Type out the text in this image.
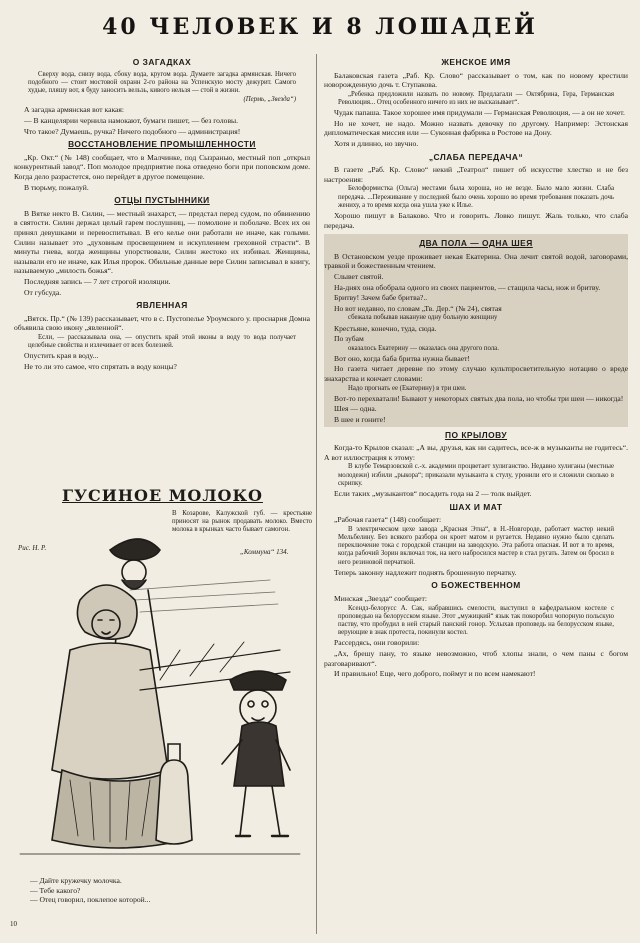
40 ЧЕЛОВЕК И 8 ЛОШАДЕЙ
О ЗАГАДКАХ

Сверху вода, снизу вода, сбоку вода, кругом вода. Думаете загадка армянская. Ничего подобного — стоит мостовой охранн 2-го района на Успенскую мосту дежурит. Самого худые, пляшу вот, я буду заносить вельзь, кивого нельзя — стой в жизни.

(Пермь, „Звезда“)

А загадка армянская вот какая:

— В канцелярии чернила намокают, бумаги пишет, — без головы.

Что такое? Думаешь, ручка? Ничего подобного — администрация!

ВОССТАНОВЛЕНИЕ ПРОМЫШЛЕННОСТИ

„Кр. Окт.“ (№ 148) сообщает, что в Малчинке, под Сызранью, местный поп „открыл конкурентный завод“. Поп молодое предприятие пока отведено боги при поповском доме. Когда дело разрастется, оно перейдет в другое помещение.

В тюрьму, пожалуй.

ОТЦЫ ПУСТЫННИКИ

В Вятке некто В. Силин, — местный знахарст, — предстал перед судом, по обвинению в святости. Силин держал целый гарем послушниц, — помолюне и поболаче. Всех их он принял девушками и перевоспитывал. В его келье они работали не иначе, как голыми. Силин называет это „духовным просвещением и искуплением греховной страсти“. В минуты гнева, когда женщины упорствовали, Силин жестоко их избивал. Женщины, называли его не иначе, как Илья пророк. Обильные данные вере Силин записывал в книгу, называемую „милость божья“.

Последняя запись — 7 лет строгой изоляции.

От губсуда.

ЯВЛЕННАЯ

„Вятск. Пр.“ (№ 139) рассказывает, что в с. Пустопелье Уроумского у. проснарня Домна объявила свою икону „явленной“.

Если, — рассказывала она, — опустить край этой иконы в воду то вода получает целебные свойства и излечивает от всех болезней.

Опустить края в воду...

Не то ли это самое, что спрятать в воду концы?

ГУСИНОЕ МОЛОКО
В Козарове, Калужской губ. — крестьяне приносят на рынок продавать молоко. Вместо молока в крынках часто бывает самогон.
„Коммуна“ 134.
Рис. Н. Р.
— Дайте кружечку молочка.
— Тебе какого?
— Отец говорил, поклепое которой...
10
ЖЕНСКОЕ ИМЯ

Балаковская газета „Раб. Кр. Слово“ рассказывает о том, как по новому крестили новорожденную дочь т. Ступакова.

„Ребенка предложили назвать по новому. Предлагали — Октябрина, Гера, Германская Революция... Отец особенного ничего из них не высказывает“.

Чудак папаша. Такое хорошее имя придумали — Германская Революция, — а он не хочет.

Но не хочет, не надо. Можно назвать девочку по другому. Например: Эстонская дипломатическая миссия или — Суконная фабрика в Ростове на Дону.

Хотя и длинно, но звучно.

„СЛАБА ПЕРЕДАЧА“

В газете „Раб. Кр. Слово“ некий „Театрол“ пишет об искусстве хлестко и не без настроения:

Белоформистка (Ольга) местами была хороша, но не везде. Было мало жизни. Слаба передача. ...Переживание у последней было очень хорошо во время требования показать дочь жениху, а то время когда она ушла уже к Илье.

Хорошо пишут в Балаково. Что и говорить. Ловко пишут. Жаль только, что слаба передача.

ДВА ПОЛА — ОДНА ШЕЯ

В Остановском уезде проживает некая Екатерина. Она лечит святой водой, заговорами, травкой и божественным чтением.

Слывет святой.

На-днях она обобрала одного из своих пациентов, — стащила часы, нож и бритву.

Бритву! Зачем бабе бритва?..

Но вот недавно, по словам „Тв. Дер.“ (№ 24), святая

сбежала побывав накануне одну больную женщину

Крестьяне, конечно, туда, сюда.

По зубам

оказалось Екатерину — оказалась она другого пола.

Вот оно, когда баба бритва нужна бывает!

Но газета читает деревне по этому случаю культпросветительную нотацию о вреде знахарства и кончает словами:

Надо прогнать ее (Екатерину) в три шеи.

Вот-то перехватали! Бывают у некоторых святых два пола, но чтобы три шеи — никогда!

Шея — одна.

В шее и гоните!

ПО КРЫЛОВУ

Когда-то Крылов сказал: „А вы, друзья, как ни садитесь, все-ж в музыканты не годитесь“. А вот иллюстрация к этому:

В клубе Темарзовской с.-х. академии процветает хулиганство. Недавно хулиганы (местные молодежи) избили „рыкора“; приказали музыканта к стулу, уронили его и сложили сколько в скрипку.

Если таких „музыкантов“ посадить года на 2 — толк выйдет.

ШАХ И МАТ

„Рабочая газета“ (148) сообщает:

В электрическом цехе завода „Красная Этна“, в Н.-Новгороде, работает мастер некий Мельбелину. Без всякого разбора он кроет матом и ругается. Недавно нужно было сделать переключение тока с городской станции на заводскую. Эта работа опасная. И вот в то время, когда рабочий Зорин включал ток, на него набросился мастер в стал ругать. Затем он бросил в него резиновой перчаткой.

Теперь законну надлежит поднять брошенную перчатку.

О БОЖЕСТВЕННОМ

Минская „Звезда“ сообщает:

Ксендз-белорусс А. Сак, набравшись смелости, выступил в кафедральном костеле с проповедью на белорусском языке. Этот „мужицкий“ язык так покоробил чопорную польскую паству, что пробудил в ней старый панский гонор. Услыхав проповедь на белорусском языке, верующие в знак протеста, покинули костел.

Рассердясь, они говорили:

„Ах, брешу пану, то языке невозможно, чтоб хлопы знали, о чем паны с богом разговаривают“.

И правильно! Еще, чего доброго, поймут и по всем намекают!
